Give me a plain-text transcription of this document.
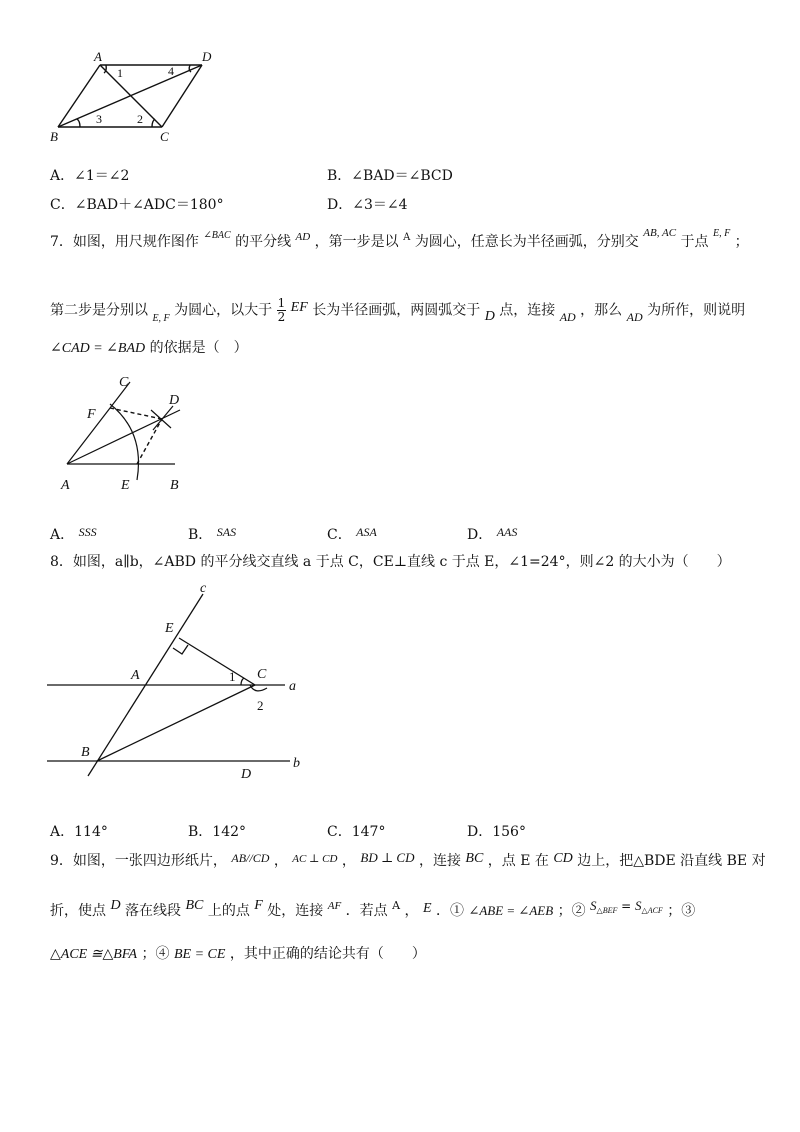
A	D
B	C
1	4
3	2
A．∠1＝∠2	B．∠BAD＝∠BCD
C．∠BAD＋∠ADC＝180°	D．∠3＝∠4
7．如图，用尺规作图作 $^{\angle BAC}$ 的平分线 $^{AD}$ ，第一步是以 $^A$ 为圆心，任意长为半径画弧，分别交 $^{AB, AC}$ 于点 $^{E, F}$ ；
第二步是分别以 $_{E, F}$ 为圆心，以大于 $\frac{1}{2}$ EF 长为半径画弧，两圆弧交于 D 点，连接 AD ，那么 AD 为所作，则说明
∠CAD = ∠BAD 的依据是（　）
C
F
D
A	E	B
A． SSS	B． SAS	C． ASA	D． AAS
8．如图，a∥b，∠ABD 的平分线交直线 a 于点 C，CE⊥直线 c 于点 E，∠1=24°，则∠2 的大小为（　　）
c
E
A	C
a
B
D
b
1
2
A．114°	B．142°	C．147°	D．156°
9．如图，一张四边形纸片， AB//CD ， $^{AC \perp CD}$ ， BD ⊥ CD ，连接 BC ，点 E 在 CD 边上，把△BDE 沿直线 BE 对
折，使点 D 落在线段 BC 上的点 F 处，连接 $^{AF}$ ．若点 $^A$ ， E ．① ∠ABE = ∠AEB ；② $S_{\triangle BEF} = S_{\triangle ACF}$ ；③
△ACE ≅△BFA ；④ BE = CE ，其中正确的结论共有（　　）
